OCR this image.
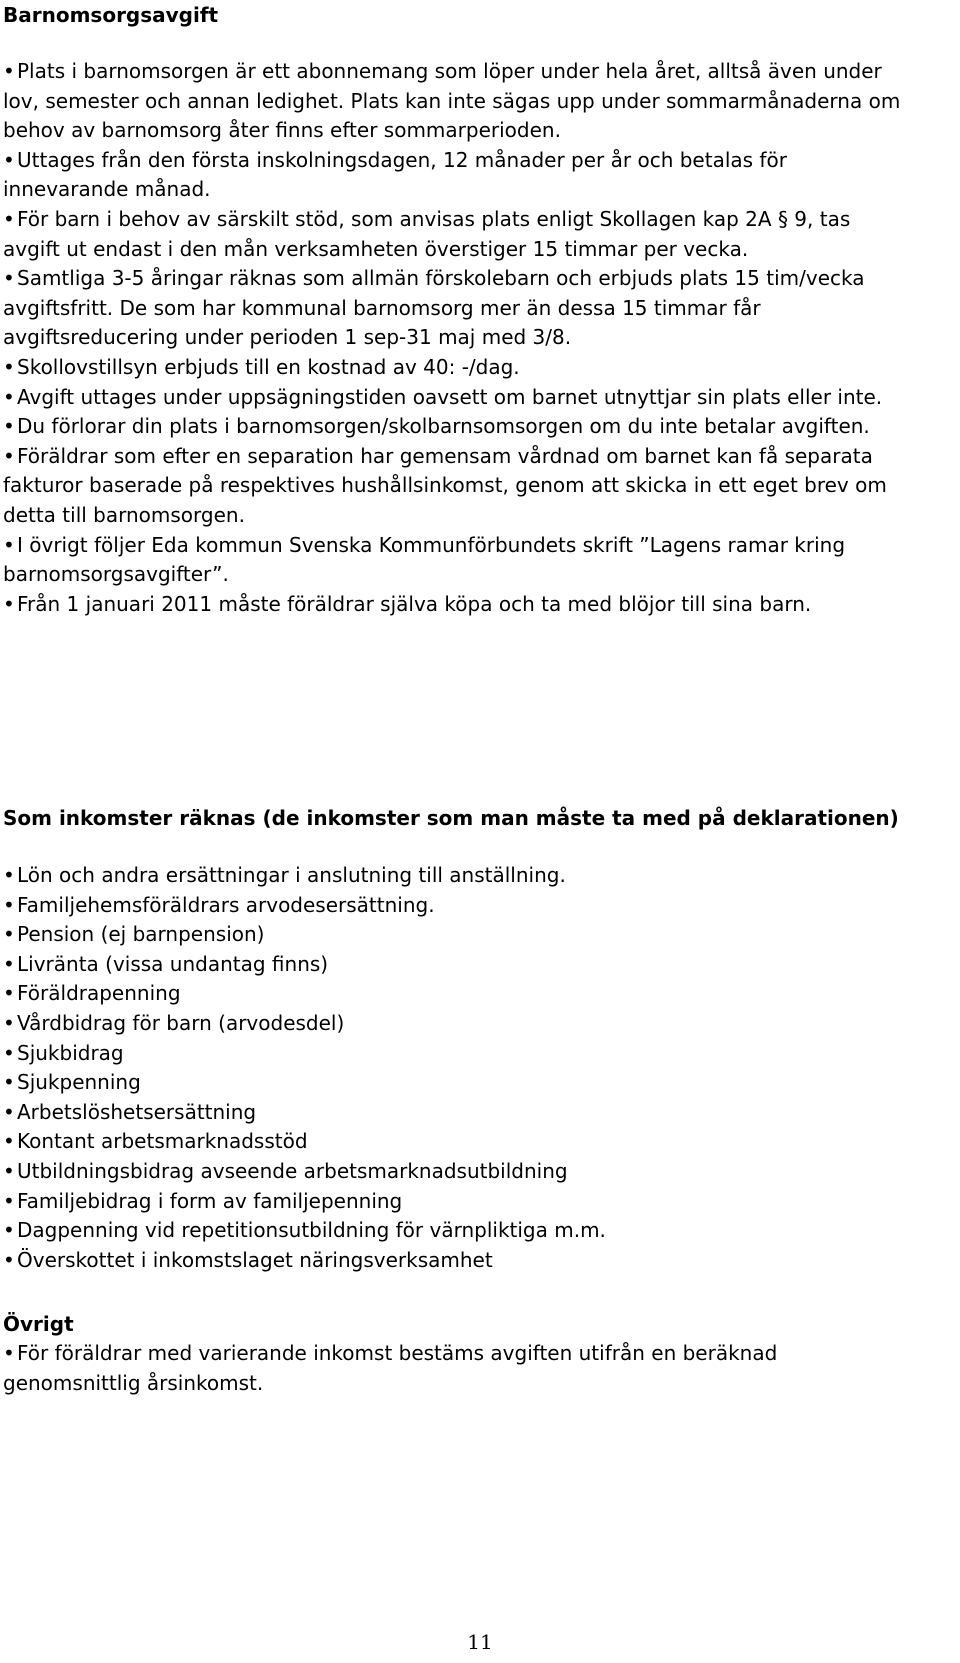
Barnomsorgsavgift
• Plats i barnomsorgen är ett abonnemang som löper under hela året, alltså även under lov, semester och annan ledighet. Plats kan inte sägas upp under sommarmånaderna om behov av barnomsorg åter finns efter sommarperioden.
• Uttages från den första inskolningsdagen, 12 månader per år och betalas för innevarande månad.
• För barn i behov av särskilt stöd, som anvisas plats enligt Skollagen kap 2A § 9, tas avgift ut endast i den mån verksamheten överstiger 15 timmar per vecka.
• Samtliga 3-5 åringar räknas som allmän förskolebarn och erbjuds plats 15 tim/vecka avgiftsfritt. De som har kommunal barnomsorg mer än dessa 15 timmar får avgiftsreducering under perioden 1 sep-31 maj med 3/8.
• Skollovstillsyn erbjuds till en kostnad av 40: -/dag.
• Avgift uttages under uppsägningstiden oavsett om barnet utnyttjar sin plats eller inte.
• Du förlorar din plats i barnomsorgen/skolbarnsomsorgen om du inte betalar avgiften.
• Föräldrar som efter en separation har gemensam vårdnad om barnet kan få separata fakturor baserade på respektives hushållsinkomst, genom att skicka in ett eget brev om detta till barnomsorgen.
• I övrigt följer Eda kommun Svenska Kommunförbundets skrift ”Lagens ramar kring barnomsorgsavgifter”.
• Från 1 januari 2011 måste föräldrar själva köpa och ta med blöjor till sina barn.
Som inkomster räknas (de inkomster som man måste ta med på deklarationen)
• Lön och andra ersättningar i anslutning till anställning.
• Familjehemsföräldrars arvodesersättning.
• Pension (ej barnpension)
• Livränta (vissa undantag finns)
• Föräldrapenning
• Vårdbidrag för barn (arvodesdel)
• Sjukbidrag
• Sjukpenning
• Arbetslöshetsersättning
• Kontant arbetsmarknadsstöd
• Utbildningsbidrag avseende arbetsmarknadsutbildning
• Familjebidrag i form av familjepenning
• Dagpenning vid repetitionsutbildning för värnpliktiga m.m.
• Överskottet i inkomstslaget näringsverksamhet
Övrigt
• För föräldrar med varierande inkomst bestäms avgiften utifrån en beräknad genomsnittlig årsinkomst.
11
